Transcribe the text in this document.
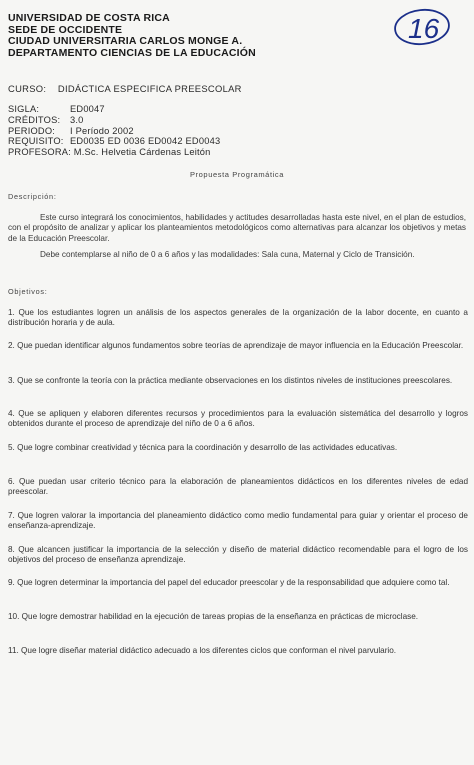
UNIVERSIDAD DE COSTA RICA
SEDE DE OCCIDENTE
CIUDAD UNIVERSITARIA CARLOS MONGE A.
DEPARTAMENTO CIENCIAS DE LA EDUCACIÓN
16
CURSO: DIDÁCTICA ESPECIFICA PREESCOLAR
SIGLA:	ED0047
CRÉDITOS: 3.0
PERIODO: I Período 2002
REQUISITO: ED0035 ED 0036 ED0042 ED0043
PROFESORA: M.Sc. Helvetia Cárdenas Leitón
Propuesta Programática
Descripción:
Este curso integrará los conocimientos, habilidades y actitudes desarrolladas hasta este nivel, en el plan de estudios, con el propósito de analizar y aplicar los planteamientos metodológicos como alternativas para alcanzar los objetivos y metas de la Educación Preescolar.
Debe contemplarse al niño de 0 a 6 años y las modalidades: Sala cuna, Maternal y Ciclo de Transición.
Objetivos:
1. Que los estudiantes logren un análisis de los aspectos generales de la organización de la labor docente, en cuanto a distribución horaria y de aula.
2. Que puedan identificar algunos fundamentos sobre teorías de aprendizaje de mayor influencia en la Educación Preescolar.
3. Que se confronte la teoría con la práctica mediante observaciones en los distintos niveles de instituciones preescolares.
4. Que se apliquen y elaboren diferentes recursos y procedimientos para la evaluación sistemática del desarrollo y logros obtenidos durante el proceso de aprendizaje del niño de 0 a 6 años.
5. Que logre combinar creatividad y técnica para la coordinación y desarrollo de las actividades educativas.
6. Que puedan usar criterio técnico para la elaboración de planeamientos didácticos en los diferentes niveles de edad preescolar.
7. Que logren valorar la importancia del planeamiento didáctico como medio fundamental para guiar y orientar el proceso de enseñanza-aprendizaje.
8. Que alcancen justificar la importancia de la selección y diseño de material didáctico recomendable para el logro de los objetivos del proceso de enseñanza aprendizaje.
9. Que logren determinar la importancia del papel del educador preescolar y de la responsabilidad que adquiere como tal.
10. Que logre demostrar habilidad en la ejecución de tareas propias de la enseñanza en prácticas de microclase.
11. Que logre diseñar material didáctico adecuado a los diferentes ciclos que conforman el nivel parvulario.
